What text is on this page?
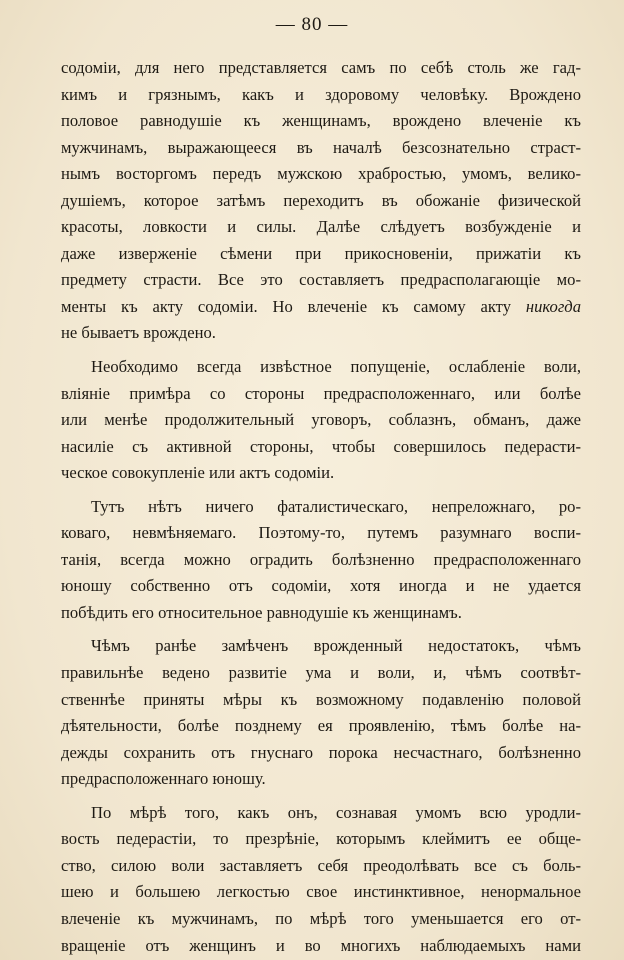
— 80 —
содоміи, для него представляется самъ по себѣ столь же гад-
кимъ и грязнымъ, какъ и здоровому человѣку. Врожденo
половое равнодушіе къ женщинамъ, врождено влеченіе къ
мужчинамъ, выражающееся въ началѣ безсознательно страст-
нымъ восторгомъ передъ мужскою храбростью, умомъ, велико-
душіемъ, которое затѣмъ переходитъ въ обожаніе физической
красоты, ловкости и силы. Далѣе слѣдуетъ возбужденіе и
даже изверженіе сѣмени при прикосновеніи, прижатіи къ
предмету страсти. Все это составляетъ предрасполагающіе мо-
менты къ акту содоміи. Но влеченіе къ самому акту никогда
не бываетъ врождено.
Необходимо всегда извѣстное попущеніе, ослабленіе воли,
вліяніе примѣра со стороны предрасположеннаго, или болѣе
или менѣе продолжительный уговоръ, соблазнъ, обманъ, даже
насиліе съ активной стороны, чтобы совершилось педерасти-
ческое совокупленіе или актъ содоміи.
Тутъ нѣтъ ничего фаталистическаго, непреложнаго, ро-
коваго, невмѣняемаго. Поэтому-то, путемъ разумнаго воспи-
танія, всегда можно оградить болѣзненно предрасположеннаго
юношу собственно отъ содоміи, хотя иногда и не удается
побѣдить его относительное равнодушіе къ женщинамъ.
Чѣмъ ранѣе замѣченъ врожденный недостатокъ, чѣмъ
правильнѣе ведено развитіе ума и воли, и, чѣмъ соотвѣт-
ственнѣе приняты мѣры къ возможному подавленію половой
дѣятельности, болѣе позднему ея проявленію, тѣмъ болѣе на-
дежды сохранить отъ гнуснаго порока несчастнаго, болѣзненно
предрасположеннаго юношу.
По мѣрѣ того, какъ онъ, сознавая умомъ всю уродли-
вость педерастіи, то презрѣніе, которымъ клеймитъ ее обще-
ство, силою воли заставляетъ себя преодолѣвать все съ боль-
шею и большею легкостью свое инстинктивное, ненормальное
влеченіе къ мужчинамъ, по мѣрѣ того уменьшается его от-
вращеніе отъ женщинъ и во многихъ наблюдаемыхъ нами
